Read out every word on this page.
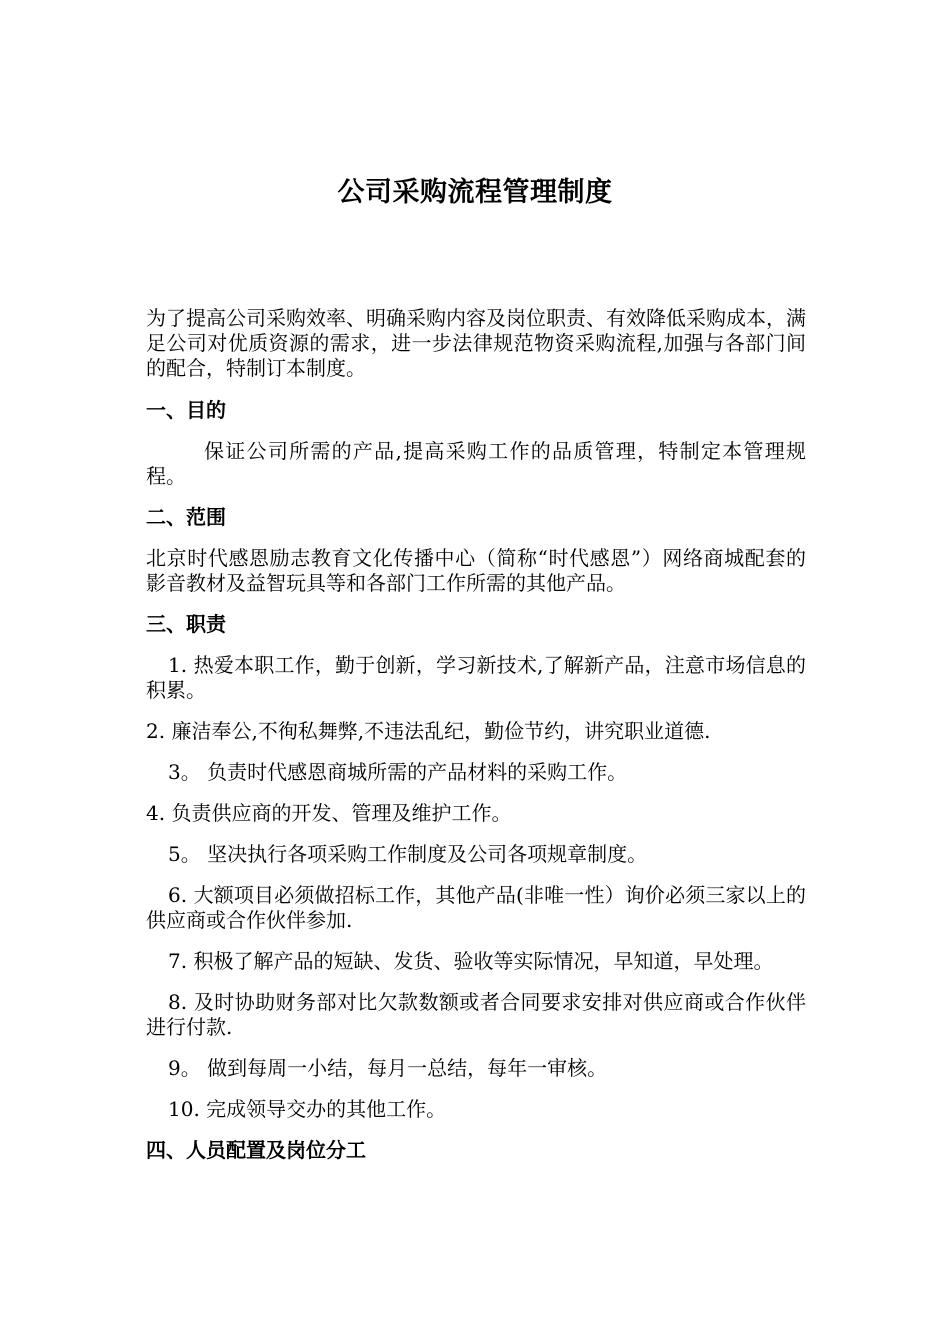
公司采购流程管理制度

为了提高公司采购效率、明确采购内容及岗位职责、有效降低采购成本，满足公司对优质资源的需求，进一步法律规范物资采购流程,加强与各部门间的配合，特制订本制度。

一、目的

保证公司所需的产品,提高采购工作的品质管理，特制定本管理规程。

二、范围

北京时代感恩励志教育文化传播中心（简称“时代感恩”）网络商城配套的影音教材及益智玩具等和各部门工作所需的其他产品。

三、职责

1. 热爱本职工作，勤于创新，学习新技术,了解新产品，注意市场信息的积累。

2. 廉洁奉公,不徇私舞弊,不违法乱纪，勤俭节约，讲究职业道德.

3。 负责时代感恩商城所需的产品材料的采购工作。

4. 负责供应商的开发、管理及维护工作。

5。 坚决执行各项采购工作制度及公司各项规章制度。

6. 大额项目必须做招标工作，其他产品(非唯一性）询价必须三家以上的供应商或合作伙伴参加.

7. 积极了解产品的短缺、发货、验收等实际情况，早知道，早处理。

8. 及时协助财务部对比欠款数额或者合同要求安排对供应商或合作伙伴进行付款.

9。 做到每周一小结，每月一总结，每年一审核。

10. 完成领导交办的其他工作。

四、人员配置及岗位分工
